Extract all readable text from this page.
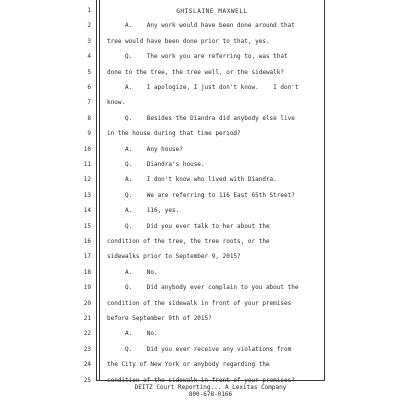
GHISLAINE MAXWELL
1
2	A.    Any work would have been done around that
3	tree would have been done prior to that, yes.
4	Q.    The work you are referring to, was that
5	done to the tree, the tree well, or the sidewalk?
6	A.    I apologize, I just don't know.    I don't
7	know.
8	Q.    Besides the Diandra did anybody else live
9	in the house during that time period?
10	A.    Any house?
11	Q.    Diandra's house.
12	A.    I don't know who lived with Diandra.
13	Q.    We are referring to 116 East 65th Street?
14	A.    116, yes.
15	Q.    Did you ever talk to her about the
16	condition of the tree, the tree roots, or the
17	sidewalks prior to September 9, 2015?
18	A.    No.
19	Q.    Did anybody ever complain to you about the
20	condition of the sidewalk in front of your premises
21	before September 9th of 2015?
22	A.    No.
23	Q.    Did you ever receive any violations from
24	the City of New York or anybody regarding the
25	condition of the sidewalk in front of your premises?
DEITZ Court Reporting... A Lexitas Company
800-678-0166
